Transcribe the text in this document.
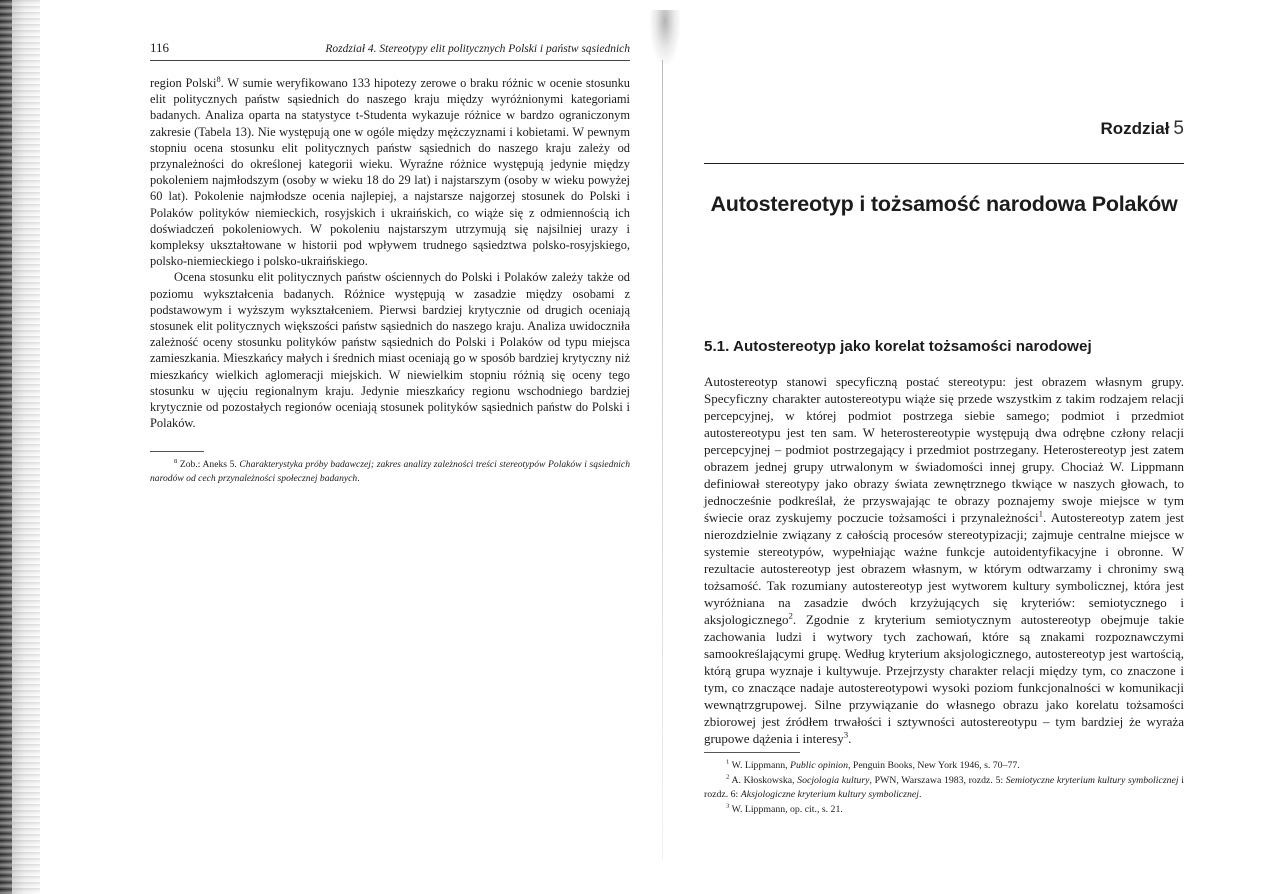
116	Rozdział 4. Stereotypy elit politycznych Polski i państw sąsiednich

region Polski$^8$. W sumie weryfikowano 133 hipotezy zerowe o braku różnic w ocenie stosunku elit politycznych państw sąsiednich do naszego kraju między wyróżnionymi kategoriami badanych. Analiza oparta na statystyce t-Studenta wykazuje różnice w bardzo ograniczonym zakresie (Tabela 13). Nie występują one w ogóle między mężczyznami i kobietami. W pewnym stopniu ocena stosunku elit politycznych państw sąsiednich do naszego kraju zależy od przynależności do określonej kategorii wieku. Wyraźne różnice występują jedynie między pokoleniem najmłodszym (osoby w wieku 18 do 29 lat) i najstarszym (osoby w wieku powyżej 60 lat). Pokolenie najmłodsze ocenia najlepiej, a najstarsze najgorzej stosunek do Polski i Polaków polityków niemieckich, rosyjskich i ukraińskich, co wiąże się z odmiennością ich doświadczeń pokoleniowych. W pokoleniu najstarszym utrzymują się najsilniej urazy i kompleksy ukształtowane w historii pod wpływem trudnego sąsiedztwa polsko-rosyjskiego, polsko-niemieckiego i polsko-ukraińskiego.

Ocena stosunku elit politycznych państw ościennych do Polski i Polaków zależy także od poziomu wykształcenia badanych. Różnice występują w zasadzie między osobami z podstawowym i wyższym wykształceniem. Pierwsi bardziej krytycznie od drugich oceniają stosunek elit politycznych większości państw sąsiednich do naszego kraju. Analiza uwidoczniła zależność oceny stosunku polityków państw sąsiednich do Polski i Polaków od typu miejsca zamieszkania. Mieszkańcy małych i średnich miast oceniają go w sposób bardziej krytyczny niż mieszkańcy wielkich aglomeracji miejskich. W niewielkim stopniu różnią się oceny tego stosunku w ujęciu regionalnym kraju. Jedynie mieszkańcy regionu wschodniego bardziej krytycznie od pozostałych regionów oceniają stosunek polityków sąsiednich państw do Polski i Polaków.

$^8$ Zob.: Aneks 5. Charakterystyka próby badawczej; zakres analizy zależności treści stereotypów Polaków i sąsiednich narodów od cech przynależności społecznej badanych.
Rozdział 5
Autostereotyp i tożsamość narodowa Polaków
5.1. Autostereotyp jako korelat tożsamości narodowej

Autostereotyp stanowi specyficzną postać stereotypu: jest obrazem własnym grupy. Specyficzny charakter autostereotypu wiąże się przede wszystkim z takim rodzajem relacji percepcyjnej, w której podmiot postrzega siebie samego; podmiot i przedmiot autostereotypu jest ten sam. W heterostereotypie występują dwa odrębne człony relacji percepcyjnej – podmiot postrzegający i przedmiot postrzegany. Heterostereotyp jest zatem obrazem jednej grupy utrwalonym w świadomości innej grupy. Chociaż W. Lippmann definiował stereotypy jako obrazy świata zewnętrznego tkwiące w naszych głowach, to jednocześnie podkreślał, że przyswajając te obrazy poznajemy swoje miejsce w tym świecie oraz zyskujemy poczucie tożsamości i przynależności$^1$. Autostereotyp zatem jest nierozdzielnie związany z całością procesów stereotypizacji; zajmuje centralne miejsce w systemie stereotypów, wypełniając ważne funkcje autoidentyfikacyjne i obronne. W rezultacie autostereotyp jest obrazem własnym, w którym odtwarzamy i chronimy swą tożsamość. Tak rozumiany autostereotyp jest wytworem kultury symbolicznej, która jest wyróżniana na zasadzie dwóch krzyżujących się kryteriów: semiotycznego i aksjologicznego$^2$. Zgodnie z kryterium semiotycznym autostereotyp obejmuje takie zachowania ludzi i wytwory tych zachowań, które są znakami rozpoznawczymi samookreślającymi grupę. Według kryterium aksjologicznego, autostereotyp jest wartością, którą grupa wyznaje i kultywuje. Przejrzysty charakter relacji między tym, co znaczone i tym, co znaczące nadaje autostereotypowi wysoki poziom funkcjonalności w komunikacji wewnątrzgrupowej. Silne przywiązanie do własnego obrazu jako korelatu tożsamości zbiorowej jest źródłem trwałości i sztywności autostereotypu – tym bardziej że wyraża grupowe dążenia i interesy$^3$.

$^1$ W. Lippmann, Public opinion, Penguin Books, New York 1946, s. 70–77.
$^2$ A. Kłoskowska, Socjologia kultury, PWN, Warszawa 1983, rozdz. 5: Semiotyczne kryterium kultury symbolicznej i rozdz. 6: Aksjologiczne kryterium kultury symbolicznej.
$^3$ W. Lippmann, op. cit., s. 21.
